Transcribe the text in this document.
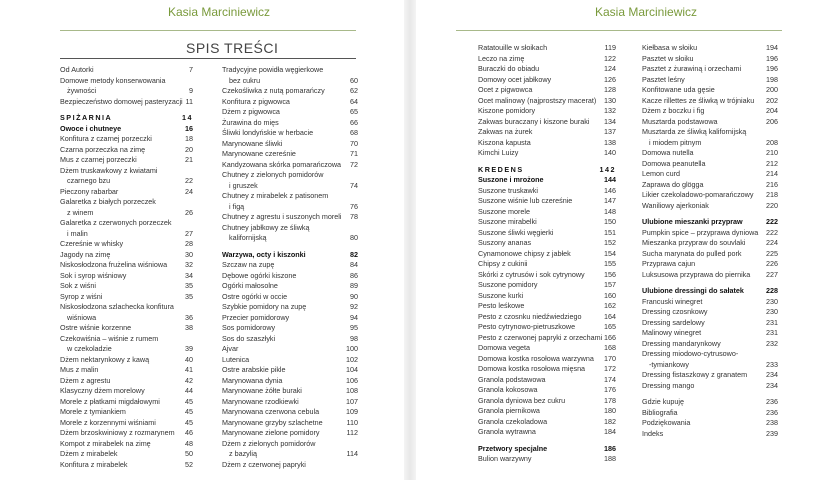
Kasia Marciniewicz
SPIS TREŚCI
Od Autorki	7
Domowe metody konserwowania
żywności	9
Bezpieczeństwo domowej pasteryzacji 11
SPIŻARNIA	14
Owoce i chutneye	16
Konfitura z czarnej porzeczki	18
Czarna porzeczka na zimę	20
Mus z czarnej porzeczki	21
Dżem truskawkowy z kwiatami
czarnego bzu	22
Pieczony rabarbar	24
Galaretka z białych porzeczek
z winem	26
Galaretka z czerwonych porzeczek
i malin	27
Czereśnie w whisky	28
Jagody na zimę	30
Niskosłodzona frużelina wiśniowa 32
Sok i syrop wiśniowy	34
Sok z wiśni	35
Syrop z wiśni	35
Niskosłodzona szlachecka konfitura
wiśniowa	36
Ostre wiśnie korzenne	38
Czekowiśnia – wiśnie z rumem
w czekoladzie	39
Dżem nektarynkowy z kawą	40
Mus z malin	41
Dżem z agrestu	42
Klasyczny dżem morelowy	44
Morele z płatkami migdałowymi	45
Morele z tymiankiem	45
Morele z korzennymi wiśniami	45
Dżem brzoskwiniowy z rozmarynem 46
Kompot z mirabelek na zimę	48
Dżem z mirabelek	50
Konfitura z mirabelek	52
Tradycyjne powidła węgierkowe
bez cukru	60
Czekośliwka z nutą pomarańczy	62
Konfitura z pigwowca	64
Dżem z pigwowca	65
Żurawina do mięs	66
Śliwki londyńskie w herbacie	68
Marynowane śliwki	70
Marynowane czereśnie	71
Kandyzowana skórka pomarańczowa 72
Chutney z zielonych pomidorów
i gruszek	74
Chutney z mirabelek z patisonem
i figą	76
Chutney z agrestu i suszonych moreli 78
Chutney jabłkowy ze śliwką
kalifornijską	80
Warzywa, octy i kiszonki	82
Szczaw na zupę	84
Dębowe ogórki kiszone	86
Ogórki małosolne	89
Ostre ogórki w occie	90
Szybkie pomidory na zupę	92
Przecier pomidorowy	94
Sos pomidorowy	95
Sos do szaszłyki	98
Ajvar	100
Lutenica	102
Ostre arabskie pikle	104
Marynowana dynia	106
Marynowane żółte buraki	108
Marynowane rzodkiewki	107
Marynowana czerwona cebula	109
Marynowane grzyby szlachetne	110
Marynowane zielone pomidory	112
Dżem z zielonych pomidorów
z bazylią	114
Dżem z czerwonej papryki
Kasia Marciniewicz
Ratatouille w słoikach	119
Leczo na zimę	122
Buraczki do obiadu	124
Domowy ocet jabłkowy	126
Ocet z pigwowca	128
Ocet malinowy (najprostszy macerat) 130
Kiszone pomidory	132
Zakwas buraczany i kiszone buraki 134
Zakwas na żurek	137
Kiszona kapusta	138
Kimchi Luizy	140
KREDENS	142
Suszone i mrożone	144
Suszone truskawki	146
Suszone wiśnie lub czereśnie	147
Suszone morele	148
Suszone mirabelki	150
Suszone śliwki węgierki	151
Suszony ananas	152
Cynamonowe chipsy z jabłek	154
Chipsy z cukinii	155
Skórki z cytrusów i sok cytrynowy	156
Suszone pomidory	157
Suszone kurki	160
Pesto leśkowe	162
Pesto z czosnku niedźwiedziego	164
Pesto cytrynowo-pietruszkowe	165
Pesto z czerwonej papryki z orzechami 166
Domowa vegeta	168
Domowa kostka rosołowa warzywna 170
Domowa kostka rosołowa mięsna	172
Granola podstawowa	174
Granola kokosowa	176
Granola dyniowa bez cukru	178
Granola piernikowa	180
Granola czekoladowa	182
Granola wytrawna	184
Przetwory specjalne	186
Bulion warzywny	188
Kiełbasa w słoiku	194
Pasztet w słoiku	196
Pasztet z żurawiną i orzechami	196
Pasztet leśny	198
Konfitowane uda gęsie	200
Kacze rillettes ze śliwką w trójniaku 202
Dżem z boczku i fig	204
Musztarda podstawowa	206
Musztarda ze śliwką kalifornijską
i miodem pitnym	208
Domowa nutella	210
Domowa peanutella	212
Lemon curd	214
Zaprawa do glögga	216
Likier czekoladowo-pomarańczowy 218
Waniliowy ajerkoniak	220
Ulubione mieszanki przypraw	222
Pumpkin spice – przyprawa dyniowa 222
Mieszanka przypraw do souvlaki	224
Sucha marynata do pulled pork	225
Przyprawa cajun	226
Luksusowa przyprawa do piernika 227
Ulubione dressingi do sałatek	228
Francuski winegret	230
Dressing czosnkowy	230
Dressing sardelowy	231
Malinowy winegret	231
Dressing mandarynkowy	232
Dressing miodowo-cytrusowo-
-tymiankowy	233
Dressing fistaszkowy z granatem	234
Dressing mango	234
Gdzie kupuję	236
Bibliografia	236
Podziękowania	238
Indeks	239
